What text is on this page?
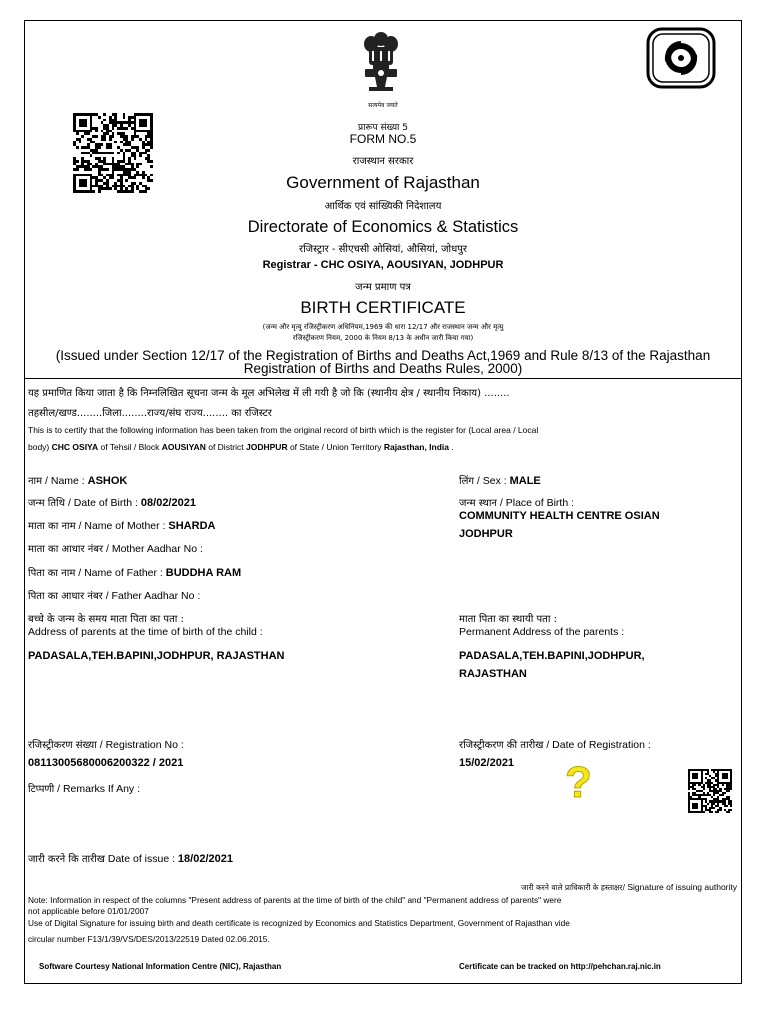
सत्यमेव जयते
प्रारूप संख्या 5
FORM NO.5
राजस्थान सरकार
Government of Rajasthan
आर्थिक एवं सांख्यिकी निदेशालय
Directorate of Economics & Statistics
रजिस्ट्रार - सीएचसी ओसियां, औसियां, जोधपुर
Registrar - CHC OSIYA, AOUSIYAN, JODHPUR
जन्म प्रमाण पत्र
BIRTH CERTIFICATE
(जन्म और मृत्यु रजिस्ट्रीकरण अधिनियम,1969 की धारा 12/17 और राजस्थान जन्म और मृत्यु
रजिस्ट्रीकरण नियम, 2000 के नियम 8/13 के अधीन जारी किया गया)
(Issued under Section 12/17 of the Registration of Births and Deaths Act,1969 and Rule 8/13 of the Rajasthan
Registration of Births and Deaths Rules, 2000)
यह प्रमाणित किया जाता है कि निम्नलिखित सूचना जन्म के मूल अभिलेख में ली गयी है जो कि (स्थानीय क्षेत्र / स्थानीय निकाय) ........
तहसील/खण्ड........जिला........राज्य/संघ राज्य........ का रजिस्टर
This is to certify that the following information has been taken from the original record of birth which is the register for (Local area / Local
body) CHC OSIYA of Tehsil / Block AOUSIYAN of District JODHPUR of State / Union Territory Rajasthan, India .
नाम / Name : ASHOK
जन्म तिथि / Date of Birth : 08/02/2021
माता का नाम / Name of Mother : SHARDA
माता का आधार नंबर / Mother Aadhar No :
पिता का नाम / Name of Father : BUDDHA RAM
पिता का आधार नंबर / Father Aadhar No :
बच्चे के जन्म के समय माता पिता का पता :
Address of parents at the time of birth of the child :
PADASALA,TEH.BAPINI,JODHPUR, RAJASTHAN
लिंग / Sex : MALE
जन्म स्थान / Place of Birth :
COMMUNITY HEALTH CENTRE OSIAN
JODHPUR
माता पिता का स्थायी पता :
Permanent Address of the parents :
PADASALA,TEH.BAPINI,JODHPUR,
RAJASTHAN
रजिस्ट्रीकरण संख्या / Registration No :
08113005680006200322 / 2021
रजिस्ट्रीकरण की तारीख / Date of Registration :
15/02/2021
टिप्पणी / Remarks If Any :	?
जारी करने कि तारीख Date of issue : 18/02/2021
जारी करने वाले प्राधिकारी के हस्ताक्षर/ Signature of issuing authority
Note: Information in respect of the columns "Present address of parents at the time of birth of the child" and "Permanent address of parents" were
not applicable before 01/01/2007
Use of Digital Signature for issuing birth and death certificate is recognized by Economics and Statistics Department, Government of Rajasthan vide
circular number F13/1/39/VS/DES/2013/22519 Dated 02.06.2015.
Software Courtesy National Information Centre (NIC), Rajasthan	Certificate can be tracked on http://pehchan.raj.nic.in
